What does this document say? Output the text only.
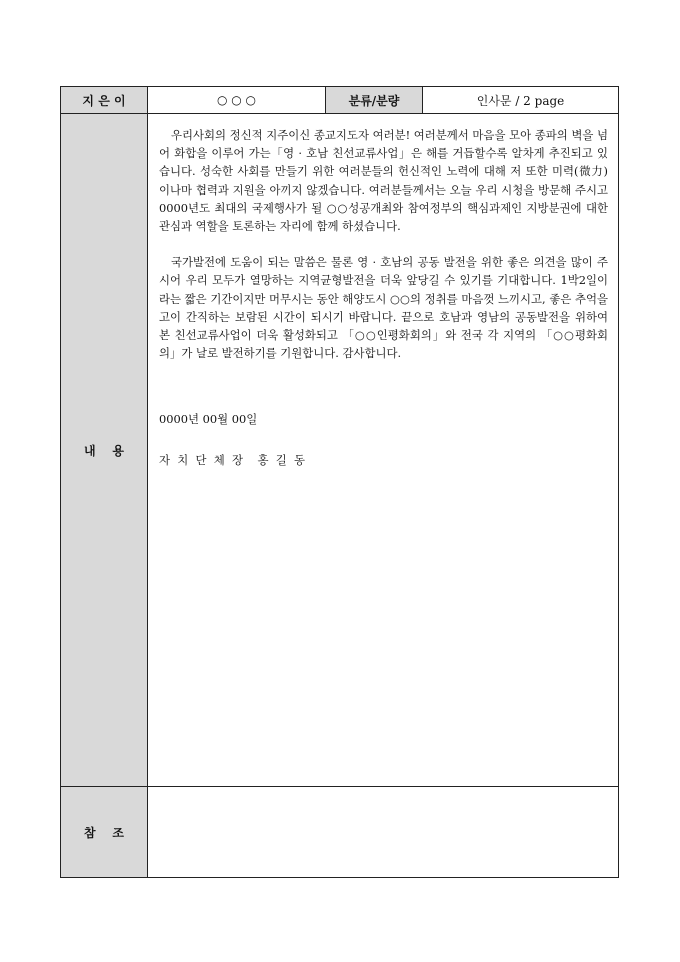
지 은 이	○ ○ ○	분류/분량	인사문 / 2 page
내    용	우리사회의 정신적 지주이신 종교지도자 여러분! 여러분께서 마음을 모아 종파의 벽을 넘어 화합을 이루어 가는「영 · 호남 친선교류사업」은 해를 거듭할수록 알차게 추진되고 있습니다. 성숙한 사회를 만들기 위한 여러분들의 헌신적인 노력에 대해 저 또한 미력(微力) 이나마 협력과 지원을 아끼지 않겠습니다. 여러분들께서는 오늘 우리 시청을 방문해 주시고 0000년도 최대의 국제행사가 될 ○○성공개최와 참여정부의 핵심과제인 지방분권에 대한 관심과 역할을 토론하는 자리에 함께 하셨습니다.

국가발전에 도움이 되는 말씀은 물론 영 · 호남의 공동 발전을 위한 좋은 의견을 많이 주시어 우리 모두가 열망하는 지역균형발전을 더욱 앞당길 수 있기를 기대합니다. 1박2일이라는 짧은 기간이지만 머무시는 동안 해양도시 ○○의 정취를 마음껏 느끼시고, 좋은 추억을 고이 간직하는 보람된 시간이 되시기 바랍니다. 끝으로 호남과 영남의 공동발전을 위하여 본 친선교류사업이 더욱 활성화되고 「○○인평화회의」와 전국 각 지역의 「○○평화회의」가 날로 발전하기를 기원합니다. 감사합니다.

0000년 00월 00일
자  치  단  체  장    홍  길  동		

참    조			
